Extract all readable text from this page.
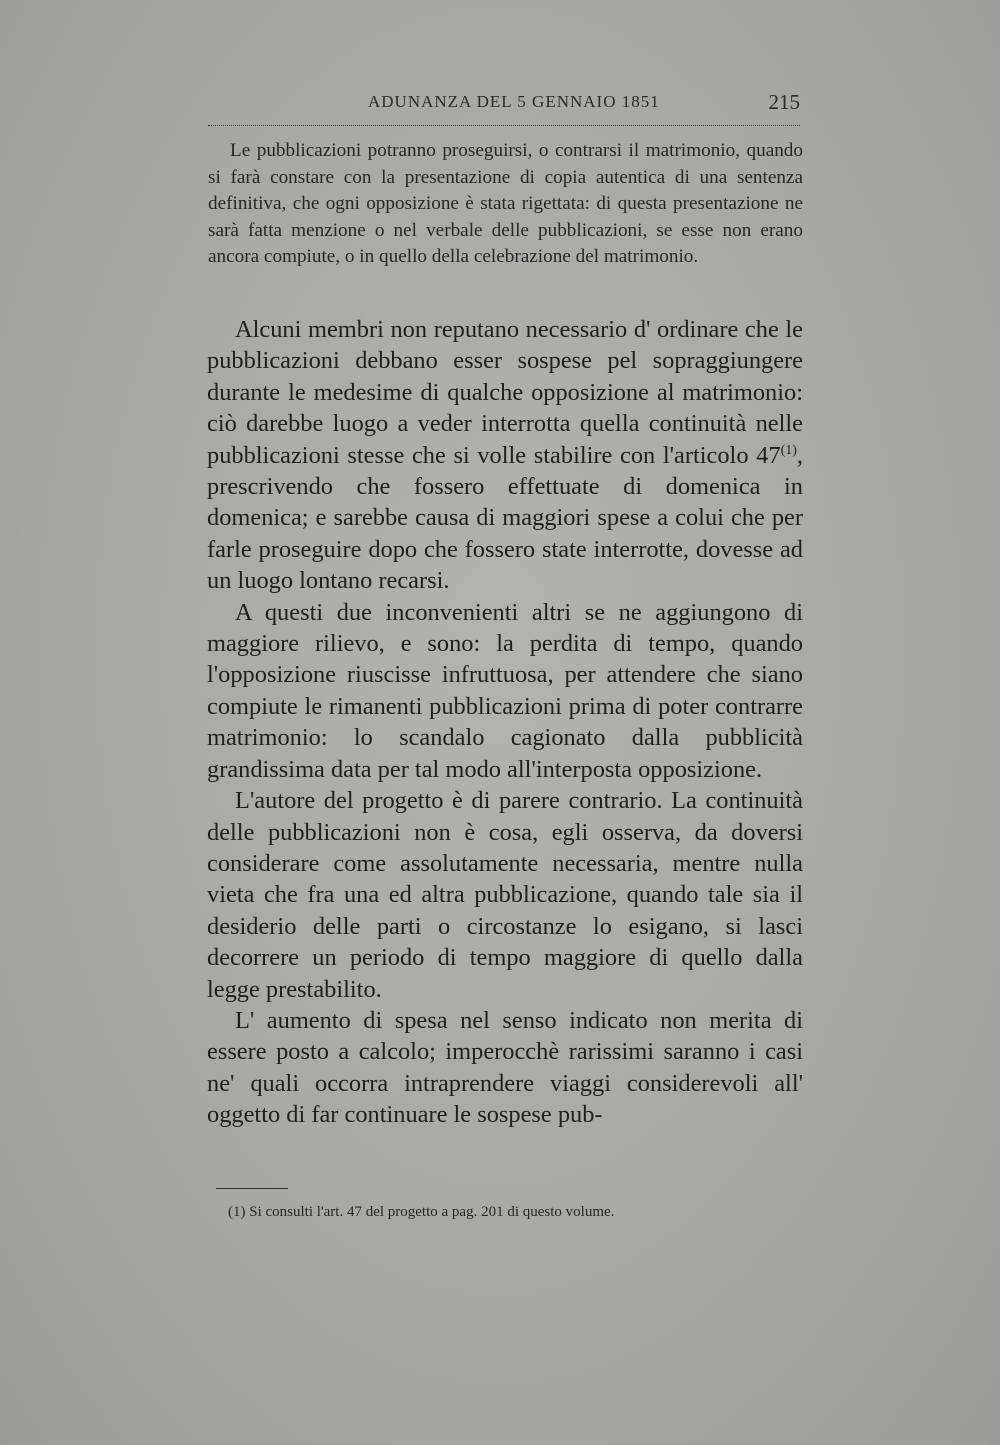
ADUNANZA DEL 5 GENNAIO 1851	215

Le pubblicazioni potranno proseguirsi, o contrarsi il matrimonio, quando si farà constare con la presentazione di copia autentica di una sentenza definitiva, che ogni opposizione è stata rigettata: di questa presentazione ne sarà fatta menzione o nel verbale delle pubblicazioni, se esse non erano ancora compiute, o in quello della celebrazione del matrimonio.

Alcuni membri non reputano necessario d' ordinare che le pubblicazioni debbano esser sospese pel sopraggiungere durante le medesime di qualche opposizione al matrimonio: ciò darebbe luogo a veder interrotta quella continuità nelle pubblicazioni stesse che si volle stabilire con l'articolo 47$^{(1)}$, prescrivendo che fossero effettuate di domenica in domenica; e sarebbe causa di maggiori spese a colui che per farle proseguire dopo che fossero state interrotte, dovesse ad un luogo lontano recarsi.

A questi due inconvenienti altri se ne aggiungono di maggiore rilievo, e sono: la perdita di tempo, quando l'opposizione riuscisse infruttuosa, per attendere che siano compiute le rimanenti pubblicazioni prima di poter contrarre matrimonio: lo scandalo cagionato dalla pubblicità grandissima data per tal modo all'interposta opposizione.

L'autore del progetto è di parere contrario. La continuità delle pubblicazioni non è cosa, egli osserva, da doversi considerare come assolutamente necessaria, mentre nulla vieta che fra una ed altra pubblicazione, quando tale sia il desiderio delle parti o circostanze lo esigano, si lasci decorrere un periodo di tempo maggiore di quello dalla legge prestabilito.

L' aumento di spesa nel senso indicato non merita di essere posto a calcolo; imperocchè rarissimi saranno i casi ne' quali occorra intraprendere viaggi considerevoli all' oggetto di far continuare le sospese pub-

(1) Si consulti l'art. 47 del progetto a pag. 201 di questo volume.
